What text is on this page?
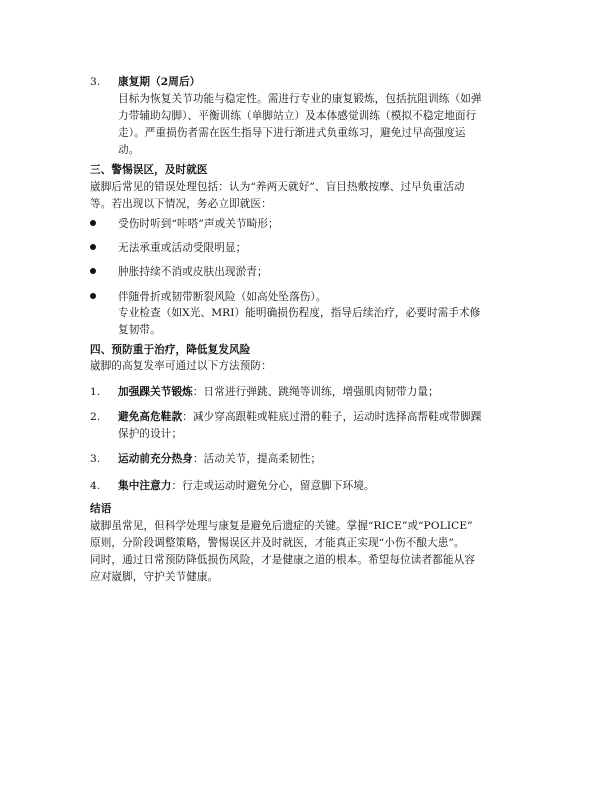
3.	康复期（2周后）
目标为恢复关节功能与稳定性。需进行专业的康复锻炼，包括抗阻训练（如弹
力带辅助勾脚）、平衡训练（单脚站立）及本体感觉训练（模拟不稳定地面行
走）。严重损伤者需在医生指导下进行渐进式负重练习，避免过早高强度运
动。
三、警惕误区，及时就医
崴脚后常见的错误处理包括：认为“养两天就好”、盲目热敷按摩、过早负重活动
等。若出现以下情况，务必立即就医：
受伤时听到“咔嗒”声或关节畸形；
无法承重或活动受限明显；
肿胀持续不消或皮肤出现淤青；
伴随骨折或韧带断裂风险（如高处坠落伤）。
专业检查（如X光、MRI）能明确损伤程度，指导后续治疗，必要时需手术修
复韧带。
四、预防重于治疗，降低复发风险
崴脚的高复发率可通过以下方法预防：
1.	加强踝关节锻炼：日常进行弹跳、跳绳等训练，增强肌肉韧带力量；
2.	避免高危鞋款：减少穿高跟鞋或鞋底过滑的鞋子，运动时选择高帮鞋或带脚踝
保护的设计；
3.	运动前充分热身：活动关节，提高柔韧性；
4.	集中注意力：行走或运动时避免分心，留意脚下环境。
结语
崴脚虽常见，但科学处理与康复是避免后遗症的关键。掌握“RICE”或“POLICE”
原则，分阶段调整策略，警惕误区并及时就医，才能真正实现“小伤不酿大患”。
同时，通过日常预防降低损伤风险，才是健康之道的根本。希望每位读者都能从容
应对崴脚，守护关节健康。
